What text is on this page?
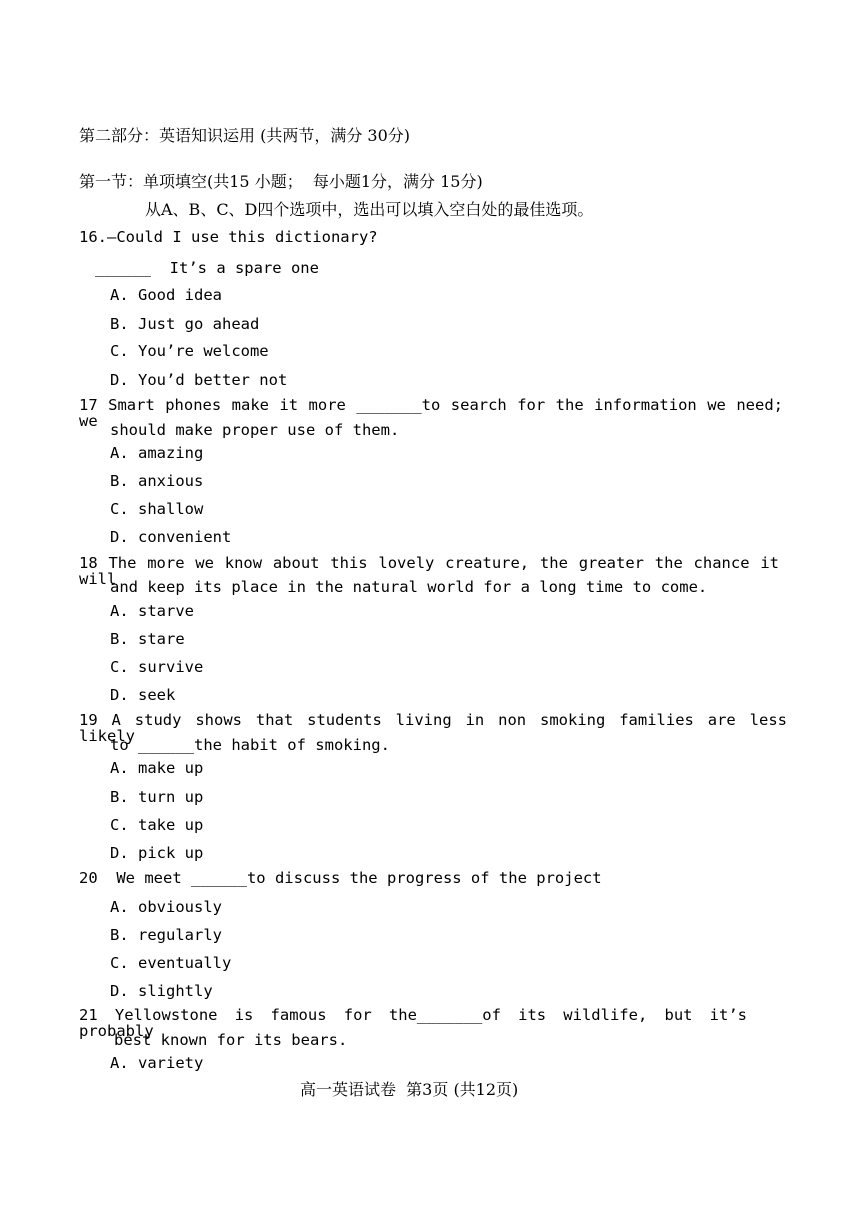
第二部分：英语知识运用 (共两节，满分 30分)
第一节：单项填空(共15 小题；  每小题1分，满分 15分)
从A、B、C、D四个选项中，选出可以填入空白处的最佳选项。
16.—Could I use this dictionary?
______  It’s a spare one
A. Good idea
B. Just go ahead
C. You’re welcome
D. You’d better not
17 Smart phones make it more _______to search for the information we need; we
should make proper use of them.
A. amazing
B. anxious
C. shallow
D. convenient
18 The more we know about this lovely creature, the greater the chance it will
and keep its place in the natural world for a long time to come.
A. starve
B. stare
C. survive
D. seek
19 A study shows that students living in non smoking families are less likely
to ______the habit of smoking.
A. make up
B. turn up
C. take up
D. pick up
20  We meet ______to discuss the progress of the project
A. obviously
B. regularly
C. eventually
D. slightly
21 Yellowstone is famous for the_______of its wildlife, but it’s probably
best known for its bears.
A. variety
高一英语试卷  第3页 (共12页)
